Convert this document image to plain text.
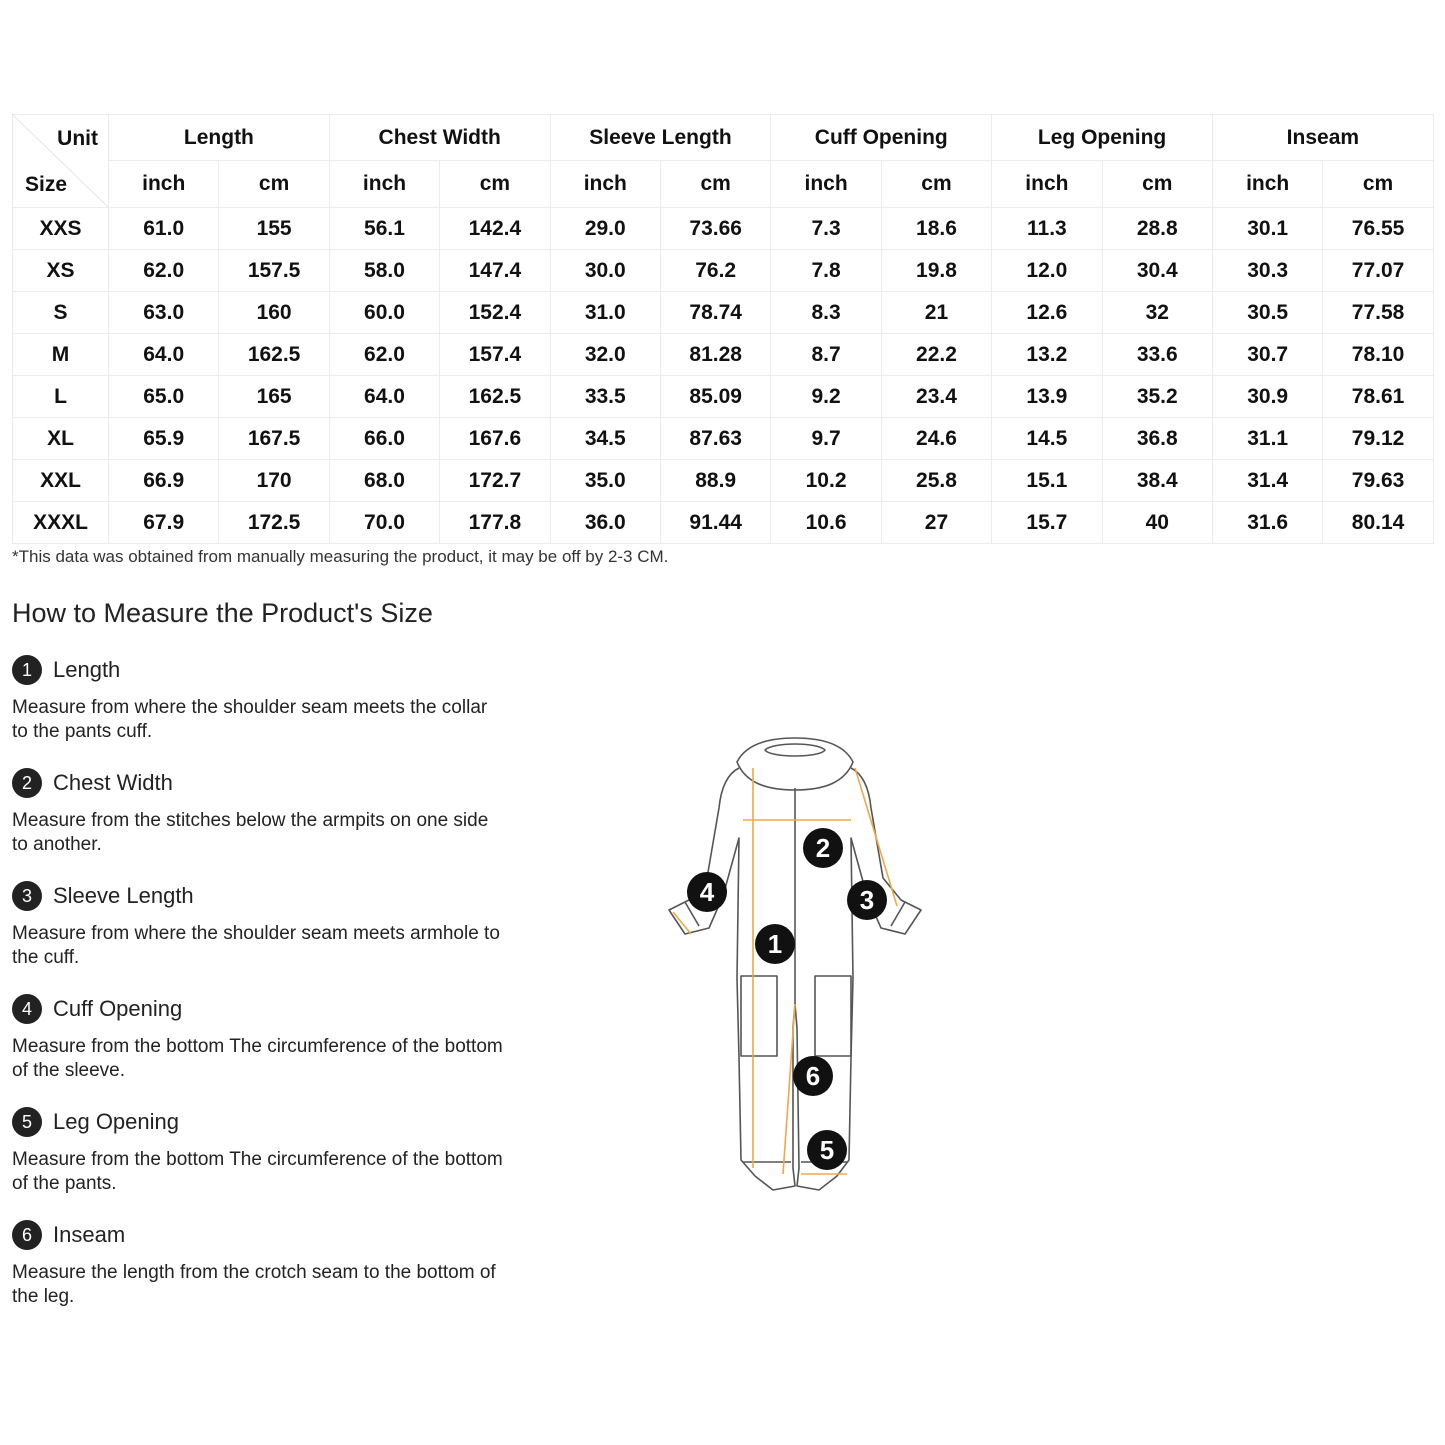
Unit
Size	Length		Chest Width		Sleeve Length		Cuff Opening		Leg Opening		Inseam	
	inch	cm	inch	cm	inch	cm	inch	cm	inch	cm	inch	cm
XXS	61.0	155	56.1	142.4	29.0	73.66	7.3	18.6	11.3	28.8	30.1	76.55
XS	62.0	157.5	58.0	147.4	30.0	76.2	7.8	19.8	12.0	30.4	30.3	77.07
S	63.0	160	60.0	152.4	31.0	78.74	8.3	21	12.6	32	30.5	77.58
M	64.0	162.5	62.0	157.4	32.0	81.28	8.7	22.2	13.2	33.6	30.7	78.10
L	65.0	165	64.0	162.5	33.5	85.09	9.2	23.4	13.9	35.2	30.9	78.61
XL	65.9	167.5	66.0	167.6	34.5	87.63	9.7	24.6	14.5	36.8	31.1	79.12
XXL	66.9	170	68.0	172.7	35.0	88.9	10.2	25.8	15.1	38.4	31.4	79.63
XXXL	67.9	172.5	70.0	177.8	36.0	91.44	10.6	27	15.7	40	31.6	80.14
*This data was obtained from manually measuring the product, it may be off by 2-3 CM.
How to Measure the Product's Size
1 Length
Measure from where the shoulder seam meets the collar to the pants cuff.
2 Chest Width
Measure from the stitches below the armpits on one side to another.
3 Sleeve Length
Measure from where the shoulder seam meets armhole to the cuff.
4 Cuff Opening
Measure from the bottom The circumference of the bottom of the sleeve.
5 Leg Opening
Measure from the bottom The circumference of the bottom of the pants.
6 Inseam
Measure the length from the crotch seam to the bottom of the leg.
1
2
3
4
5
6
